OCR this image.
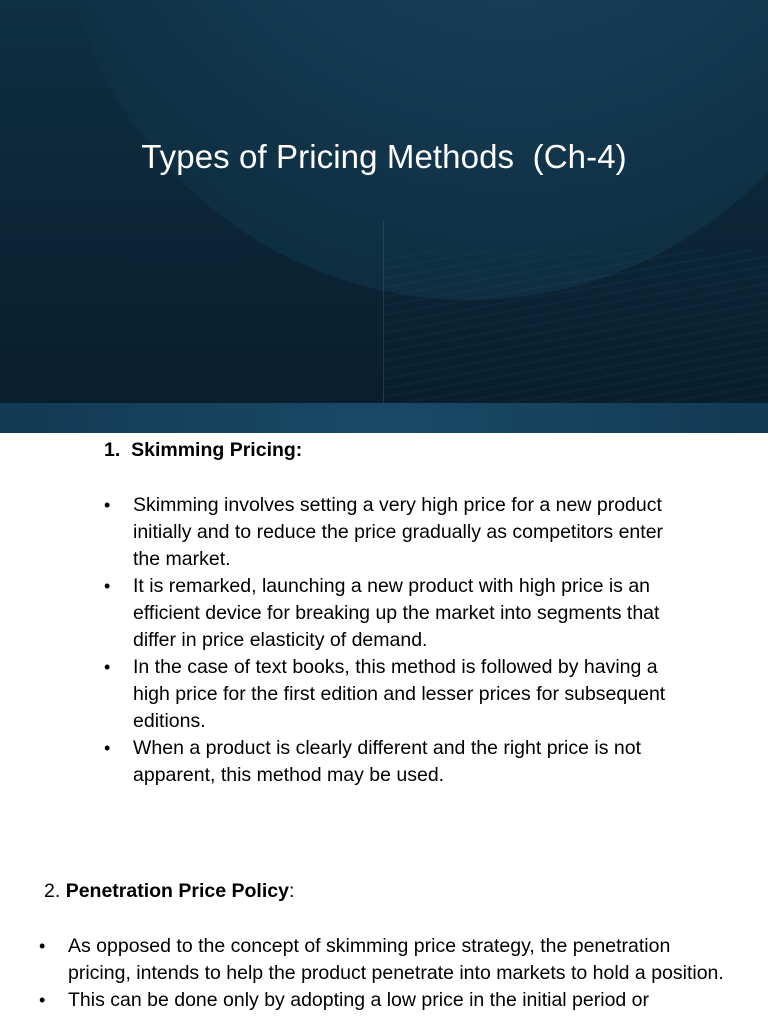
Types of Pricing Methods  (Ch-4)
1. Skimming Pricing:
• Skimming involves setting a very high price for a new product initially and to reduce the price gradually as competitors enter the market.
• It is remarked, launching a new product with high price is an efficient device for breaking up the market into segments that differ in price elasticity of demand.
• In the case of text books, this method is followed by having a high price for the first edition and lesser prices for subsequent editions.
• When a product is clearly different and the right price is not apparent, this method may be used.
2. Penetration Price Policy:
• As opposed to the concept of skimming price strategy, the penetration pricing, intends to help the product penetrate into markets to hold a position.
• This can be done only by adopting a low price in the initial period or
